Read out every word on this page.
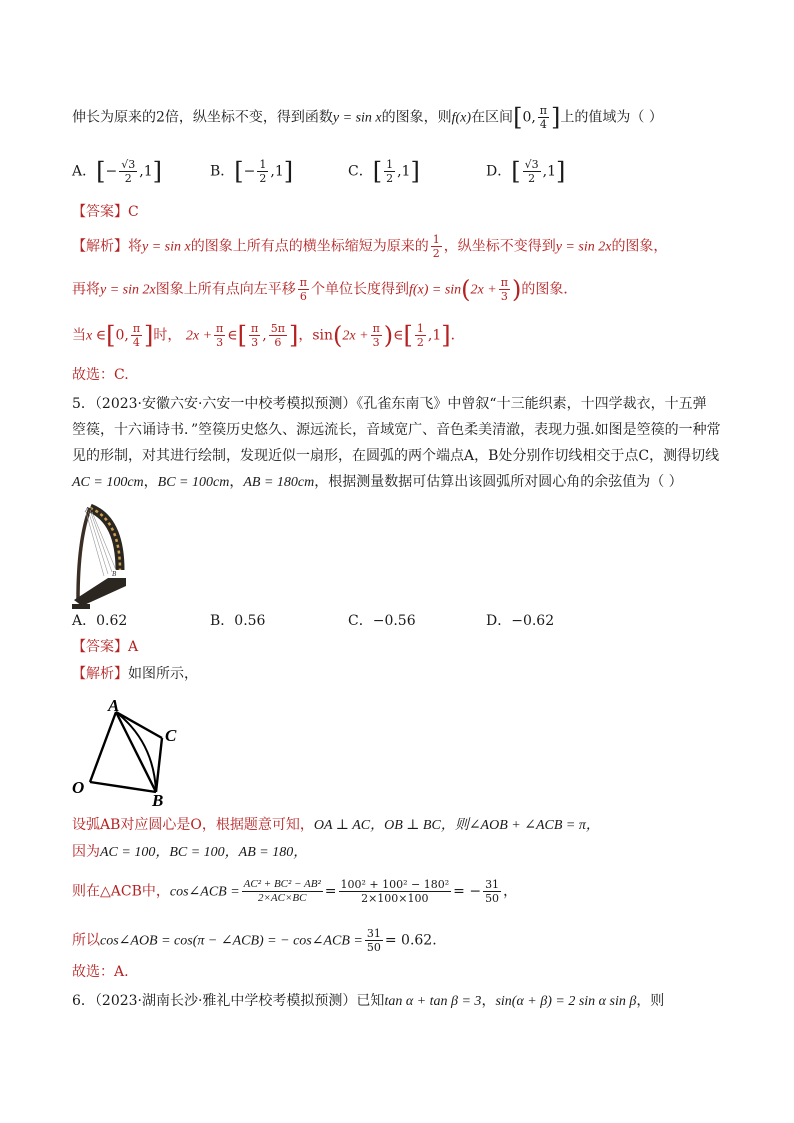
伸长为原来的2倍，纵坐标不变，得到函数y = sin x的图象，则f(x)在区间[0, $\frac{\pi}{4}$ ]上的值域为（ ）
A．[− $\frac{√3}{2} ,1$]	B．[− $\frac{1}{2} ,1$]	C．[ $\frac{1}{2} ,1$]	D．[ $\frac{√3}{2} ,1$]
【答案】C
【解析】将y = sin x的图象上所有点的横坐标缩短为原来的 $\frac{1}{2}$ ，纵坐标不变得到y = sin 2x的图象，
再将y = sin 2x图象上所有点向左平移 $\frac{\pi}{6}$ 个单位长度得到$f(x) = \sin(2x + \frac{\pi}{3}$ )的图象．
当x ∈[0, $\frac{\pi}{4}$ ]时， $2x + \frac{\pi}{3}$ ∈[ $\frac{\pi}{3}$ , $\frac{5\pi}{6}$ ]，$\sin(2x + \frac{\pi}{3}$ )∈[ $\frac{1}{2} ,1$]．
故选：C.
5．（2023·安徽六安·六安一中校考模拟预测）《孔雀东南飞》中曾叙“十三能织素，十四学裁衣，十五弹
箜篌，十六诵诗书．”箜篌历史悠久、源远流长，音域宽广、音色柔美清澈，表现力强.如图是箜篌的一种常
见的形制，对其进行绘制，发现近似一扇形，在圆弧的两个端点A，B处分别作切线相交于点C，测得切线
AC = 100cm，BC = 100cm，AB = 180cm，根据测量数据可估算出该圆弧所对圆心角的余弦值为（ ）
A
B
A．0.62	B．0.56	C．−0.56	D．−0.62
【答案】A
【解析】如图所示，
A
C
O
B
设弧AB对应圆心是O，根据题意可知，OA ⊥ AC，OB ⊥ BC，则∠AOB + ∠ACB = π，
因为AC = 100，BC = 100，AB = 180，
则在△ACB中，cos∠ACB = $\frac{\text{AC² + BC² − AB²}}{2\times AC\times BC} = \frac{\text{100² + 100² − 180²}}{2\times 100\times 100}$ = − $\frac{31}{50}$ ，
所以cos∠AOB = cos(π − ∠ACB) = − cos∠ACB = $\frac{31}{50} = 0.62$.
故选：A.
6．（2023·湖南长沙·雅礼中学校考模拟预测）已知tan α + tan β = 3，sin(α + β) = 2 sin α sin β，则
